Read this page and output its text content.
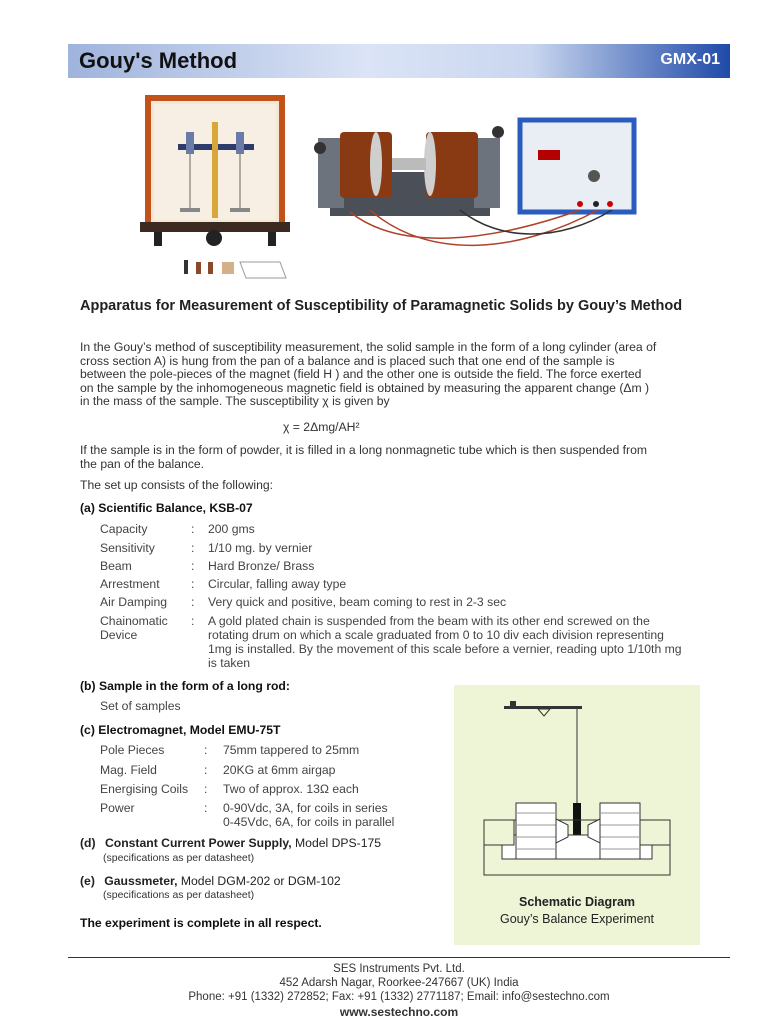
Gouy's Method	GMX-01
Apparatus for Measurement of Susceptibility of Paramagnetic Solids by Gouy’s Method
In the Gouy’s method of susceptibility measurement, the solid sample in the form of a long cylinder (area of
cross section A) is hung from the pan of a balance and is placed such that one end of the sample is
between the pole-pieces of the magnet (field H ) and the other one is outside the field. The force exerted
on the sample by the inhomogeneous magnetic field is obtained by measuring the apparent change (Δm )
in the mass of the sample. The susceptibility χ is given by
χ = 2Δmg/AH²
If the sample is in the form of powder, it is filled in a long nonmagnetic tube which is then suspended from
the pan of the balance.
The set up consists of the following:
(a) Scientific Balance, KSB-07
Capacity	: 200 gms
Sensitivity	: 1/10 mg. by vernier
Beam	: Hard Bronze/ Brass
Arrestment	: Circular, falling away type
Air Damping : Very quick and positive, beam coming to rest in 2-3 sec
Chainomatic
Device
: A gold plated chain is suspended from the beam with its other end screwed on the
rotating drum on which a scale graduated from 0 to 10 div each division representing
1mg is installed. By the movement of this scale before a vernier, reading upto 1/10th mg
is taken
(b) Sample in the form of a long rod:
Set of samples
(c) Electromagnet, Model EMU-75T
Pole Pieces	: 75mm tappered to 25mm
Mag. Field	: 20KG at 6mm airgap
Energising Coils : Two of approx. 13Ω each
Power	: 0-90Vdc, 3A, for coils in series
0-45Vdc, 6A, for coils in parallel
(d) Constant Current Power Supply, Model DPS-175
(specifications as per datasheet)
(e) Gaussmeter, Model DGM-202 or DGM-102
(specifications as per datasheet)
The experiment is complete in all respect.
Schematic Diagram
Gouy’s Balance Experiment
SES Instruments Pvt. Ltd.
452 Adarsh Nagar, Roorkee-247667 (UK) India
Phone: +91 (1332) 272852; Fax: +91 (1332) 2771187; Email: info@sestechno.com
www.sestechno.com
